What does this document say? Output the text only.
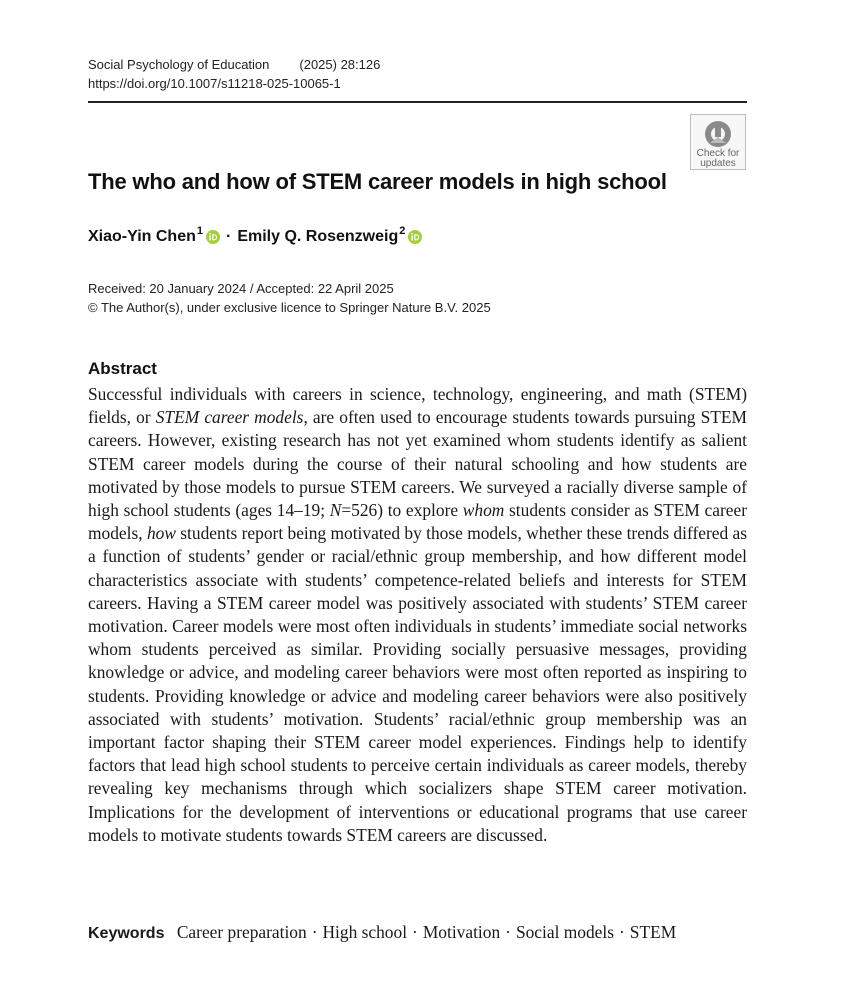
Social Psychology of Education (2025) 28:126
https://doi.org/10.1007/s11218-025-10065-1
Check for
updates
The who and how of STEM career models in high school
Xiao-Yin Chen$^1$ · Emily Q. Rosenzweig$^2$
Received: 20 January 2024 / Accepted: 22 April 2025
© The Author(s), under exclusive licence to Springer Nature B.V. 2025
Abstract

Successful individuals with careers in science, technology, engineering, and math (STEM) fields, or STEM career models, are often used to encourage students towards pursuing STEM careers. However, existing research has not yet examined whom students identify as salient STEM career models during the course of their natural schooling and how students are motivated by those models to pursue STEM careers. We surveyed a racially diverse sample of high school students (ages 14–19; N=526) to explore whom students consider as STEM career models, how students report being motivated by those models, whether these trends differed as a function of students’ gender or racial/ethnic group membership, and how different model characteristics associate with students’ competence-related beliefs and interests for STEM careers. Having a STEM career model was positively associated with students’ STEM career motivation. Career models were most often individuals in students’ immediate social networks whom students perceived as similar. Providing socially persuasive messages, providing knowledge or advice, and modeling career behaviors were most often reported as inspiring to students. Providing knowledge or advice and modeling career behaviors were also positively associated with students’ motivation. Students’ racial/ethnic group membership was an important factor shaping their STEM career model experiences. Findings help to identify factors that lead high school students to perceive certain individuals as career models, thereby revealing key mechanisms through which socializers shape STEM career motivation. Implications for the development of interventions or educational programs that use career models to motivate students towards STEM careers are discussed.

Keywords Career preparation · High school · Motivation · Social models · STEM
